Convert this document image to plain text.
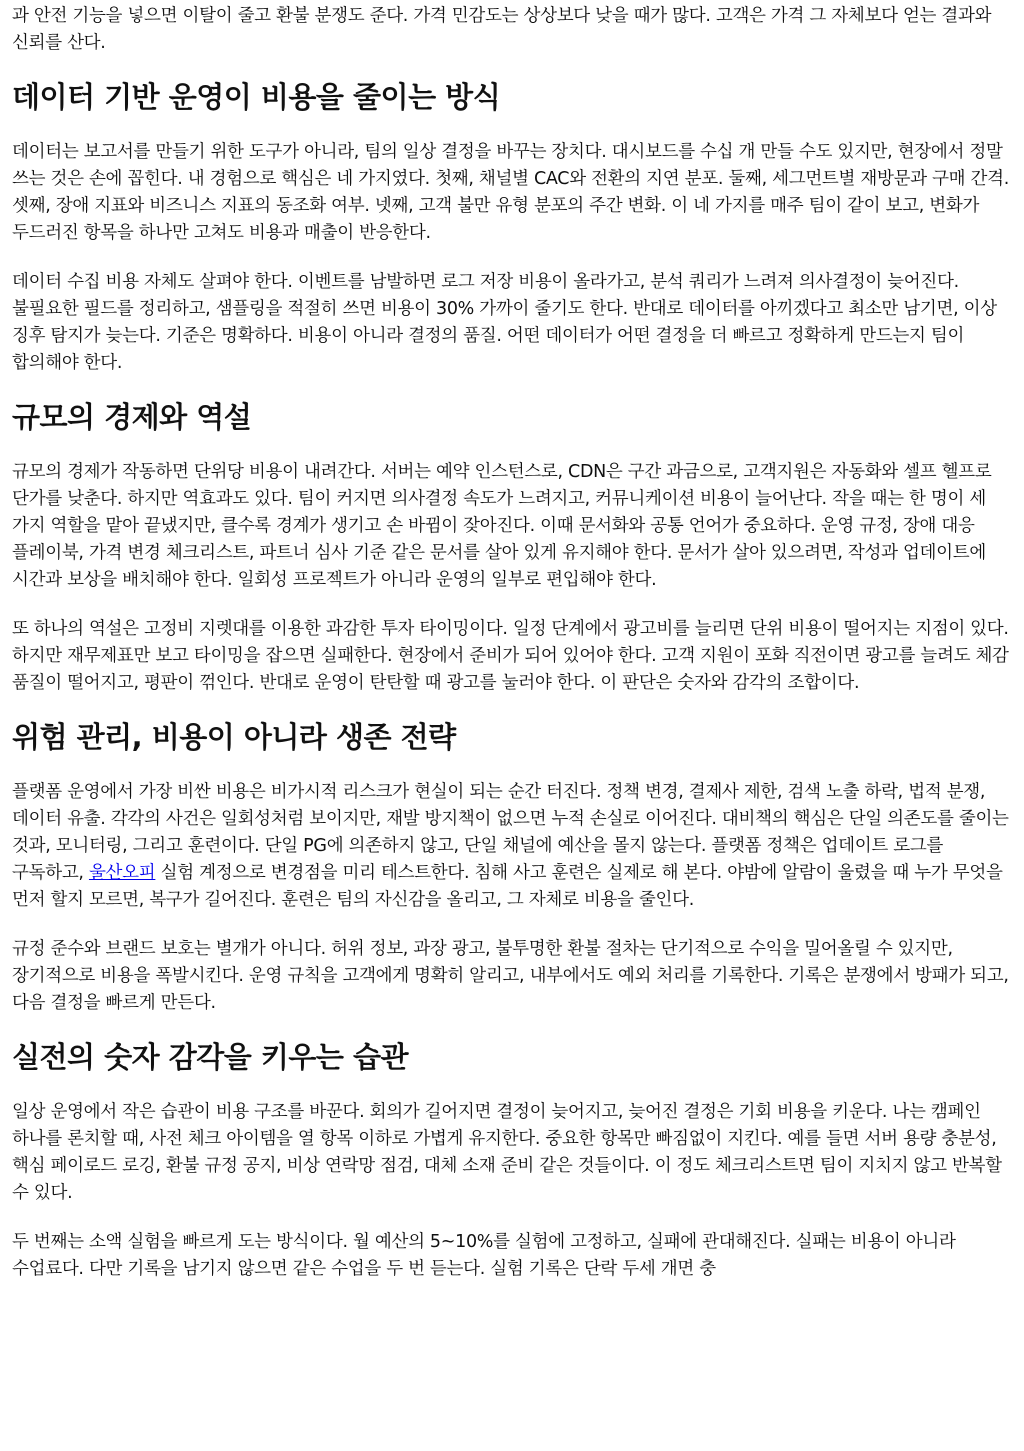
과 안전 기능을 넣으면 이탈이 줄고 환불 분쟁도 준다. 가격 민감도는 상상보다 낮을 때가 많다. 고객은 가격 그 자체보다 얻는 결과와 신뢰를 산다.

데이터 기반 운영이 비용을 줄이는 방식

데이터는 보고서를 만들기 위한 도구가 아니라, 팀의 일상 결정을 바꾸는 장치다. 대시보드를 수십 개 만들 수도 있지만, 현장에서 정말 쓰는 것은 손에 꼽힌다. 내 경험으로 핵심은 네 가지였다. 첫째, 채널별 CAC와 전환의 지연 분포. 둘째, 세그먼트별 재방문과 구매 간격. 셋째, 장애 지표와 비즈니스 지표의 동조화 여부. 넷째, 고객 불만 유형 분포의 주간 변화. 이 네 가지를 매주 팀이 같이 보고, 변화가 두드러진 항목을 하나만 고쳐도 비용과 매출이 반응한다.

데이터 수집 비용 자체도 살펴야 한다. 이벤트를 남발하면 로그 저장 비용이 올라가고, 분석 쿼리가 느려져 의사결정이 늦어진다. 불필요한 필드를 정리하고, 샘플링을 적절히 쓰면 비용이 30% 가까이 줄기도 한다. 반대로 데이터를 아끼겠다고 최소만 남기면, 이상 징후 탐지가 늦는다. 기준은 명확하다. 비용이 아니라 결정의 품질. 어떤 데이터가 어떤 결정을 더 빠르고 정확하게 만드는지 팀이 합의해야 한다.

규모의 경제와 역설

규모의 경제가 작동하면 단위당 비용이 내려간다. 서버는 예약 인스턴스로, CDN은 구간 과금으로, 고객지원은 자동화와 셀프 헬프로 단가를 낮춘다. 하지만 역효과도 있다. 팀이 커지면 의사결정 속도가 느려지고, 커뮤니케이션 비용이 늘어난다. 작을 때는 한 명이 세 가지 역할을 맡아 끝냈지만, 클수록 경계가 생기고 손 바뀜이 잦아진다. 이때 문서화와 공통 언어가 중요하다. 운영 규정, 장애 대응 플레이북, 가격 변경 체크리스트, 파트너 심사 기준 같은 문서를 살아 있게 유지해야 한다. 문서가 살아 있으려면, 작성과 업데이트에 시간과 보상을 배치해야 한다. 일회성 프로젝트가 아니라 운영의 일부로 편입해야 한다.

또 하나의 역설은 고정비 지렛대를 이용한 과감한 투자 타이밍이다. 일정 단계에서 광고비를 늘리면 단위 비용이 떨어지는 지점이 있다. 하지만 재무제표만 보고 타이밍을 잡으면 실패한다. 현장에서 준비가 되어 있어야 한다. 고객 지원이 포화 직전이면 광고를 늘려도 체감 품질이 떨어지고, 평판이 꺾인다. 반대로 운영이 탄탄할 때 광고를 눌러야 한다. 이 판단은 숫자와 감각의 조합이다.

위험 관리, 비용이 아니라 생존 전략

플랫폼 운영에서 가장 비싼 비용은 비가시적 리스크가 현실이 되는 순간 터진다. 정책 변경, 결제사 제한, 검색 노출 하락, 법적 분쟁, 데이터 유출. 각각의 사건은 일회성처럼 보이지만, 재발 방지책이 없으면 누적 손실로 이어진다. 대비책의 핵심은 단일 의존도를 줄이는 것과, 모니터링, 그리고 훈련이다. 단일 PG에 의존하지 않고, 단일 채널에 예산을 몰지 않는다. 플랫폼 정책은 업데이트 로그를 구독하고, 울산오피 실험 계정으로 변경점을 미리 테스트한다. 침해 사고 훈련은 실제로 해 본다. 야밤에 알람이 울렸을 때 누가 무엇을 먼저 할지 모르면, 복구가 길어진다. 훈련은 팀의 자신감을 올리고, 그 자체로 비용을 줄인다.

규정 준수와 브랜드 보호는 별개가 아니다. 허위 정보, 과장 광고, 불투명한 환불 절차는 단기적으로 수익을 밀어올릴 수 있지만, 장기적으로 비용을 폭발시킨다. 운영 규칙을 고객에게 명확히 알리고, 내부에서도 예외 처리를 기록한다. 기록은 분쟁에서 방패가 되고, 다음 결정을 빠르게 만든다.

실전의 숫자 감각을 키우는 습관

일상 운영에서 작은 습관이 비용 구조를 바꾼다. 회의가 길어지면 결정이 늦어지고, 늦어진 결정은 기회 비용을 키운다. 나는 캠페인 하나를 론치할 때, 사전 체크 아이템을 열 항목 이하로 가볍게 유지한다. 중요한 항목만 빠짐없이 지킨다. 예를 들면 서버 용량 충분성, 핵심 페이로드 로깅, 환불 규정 공지, 비상 연락망 점검, 대체 소재 준비 같은 것들이다. 이 정도 체크리스트면 팀이 지치지 않고 반복할 수 있다.

두 번째는 소액 실험을 빠르게 도는 방식이다. 월 예산의 5~10%를 실험에 고정하고, 실패에 관대해진다. 실패는 비용이 아니라 수업료다. 다만 기록을 남기지 않으면 같은 수업을 두 번 듣는다. 실험 기록은 단락 두세 개면 충
